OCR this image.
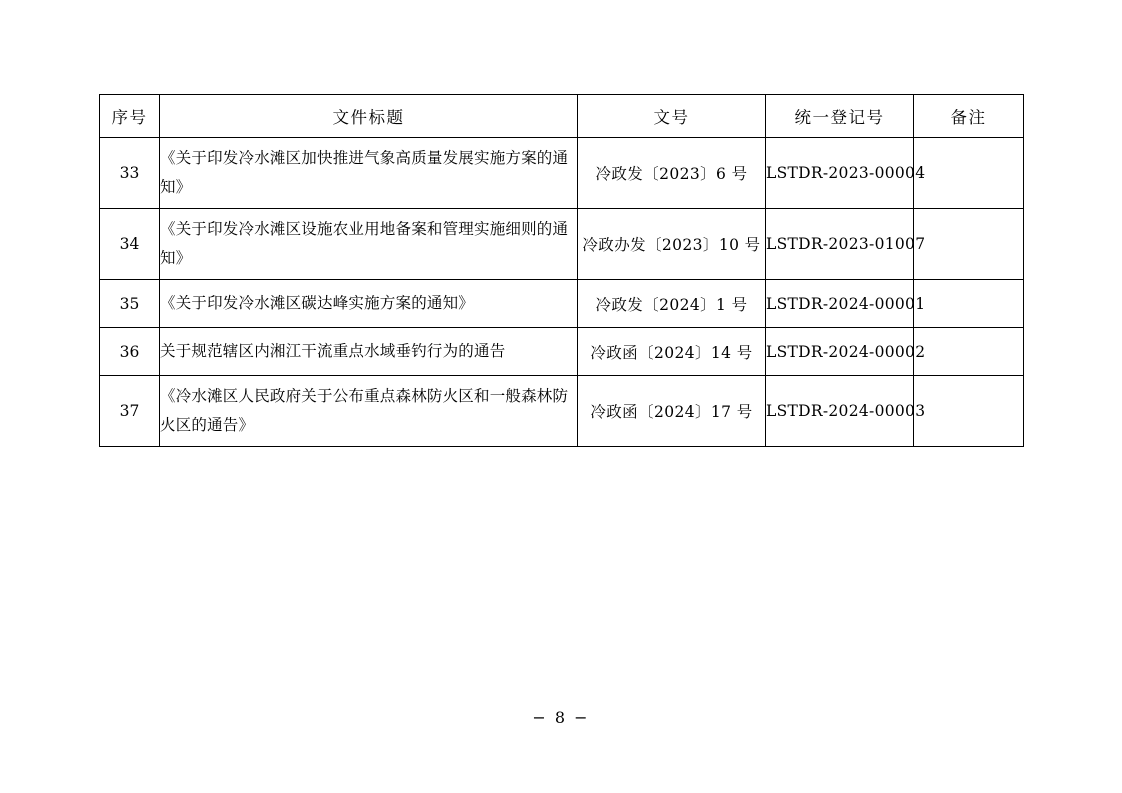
序号	文件标题	文号	统一登记号	备注
33	《关于印发冷水滩区加快推进气象高质量发展实施方案的通知》	冷政发〔2023〕6 号	LSTDR-2023-00004	
34	《关于印发冷水滩区设施农业用地备案和管理实施细则的通知》	冷政办发〔2023〕10 号	LSTDR-2023-01007	
35	《关于印发冷水滩区碳达峰实施方案的通知》	冷政发〔2024〕1 号	LSTDR-2024-00001	
36	关于规范辖区内湘江干流重点水域垂钓行为的通告	冷政函〔2024〕14 号	LSTDR-2024-00002	
37	《冷水滩区人民政府关于公布重点森林防火区和一般森林防火区的通告》	冷政函〔2024〕17 号	LSTDR-2024-00003	
− 8 −
